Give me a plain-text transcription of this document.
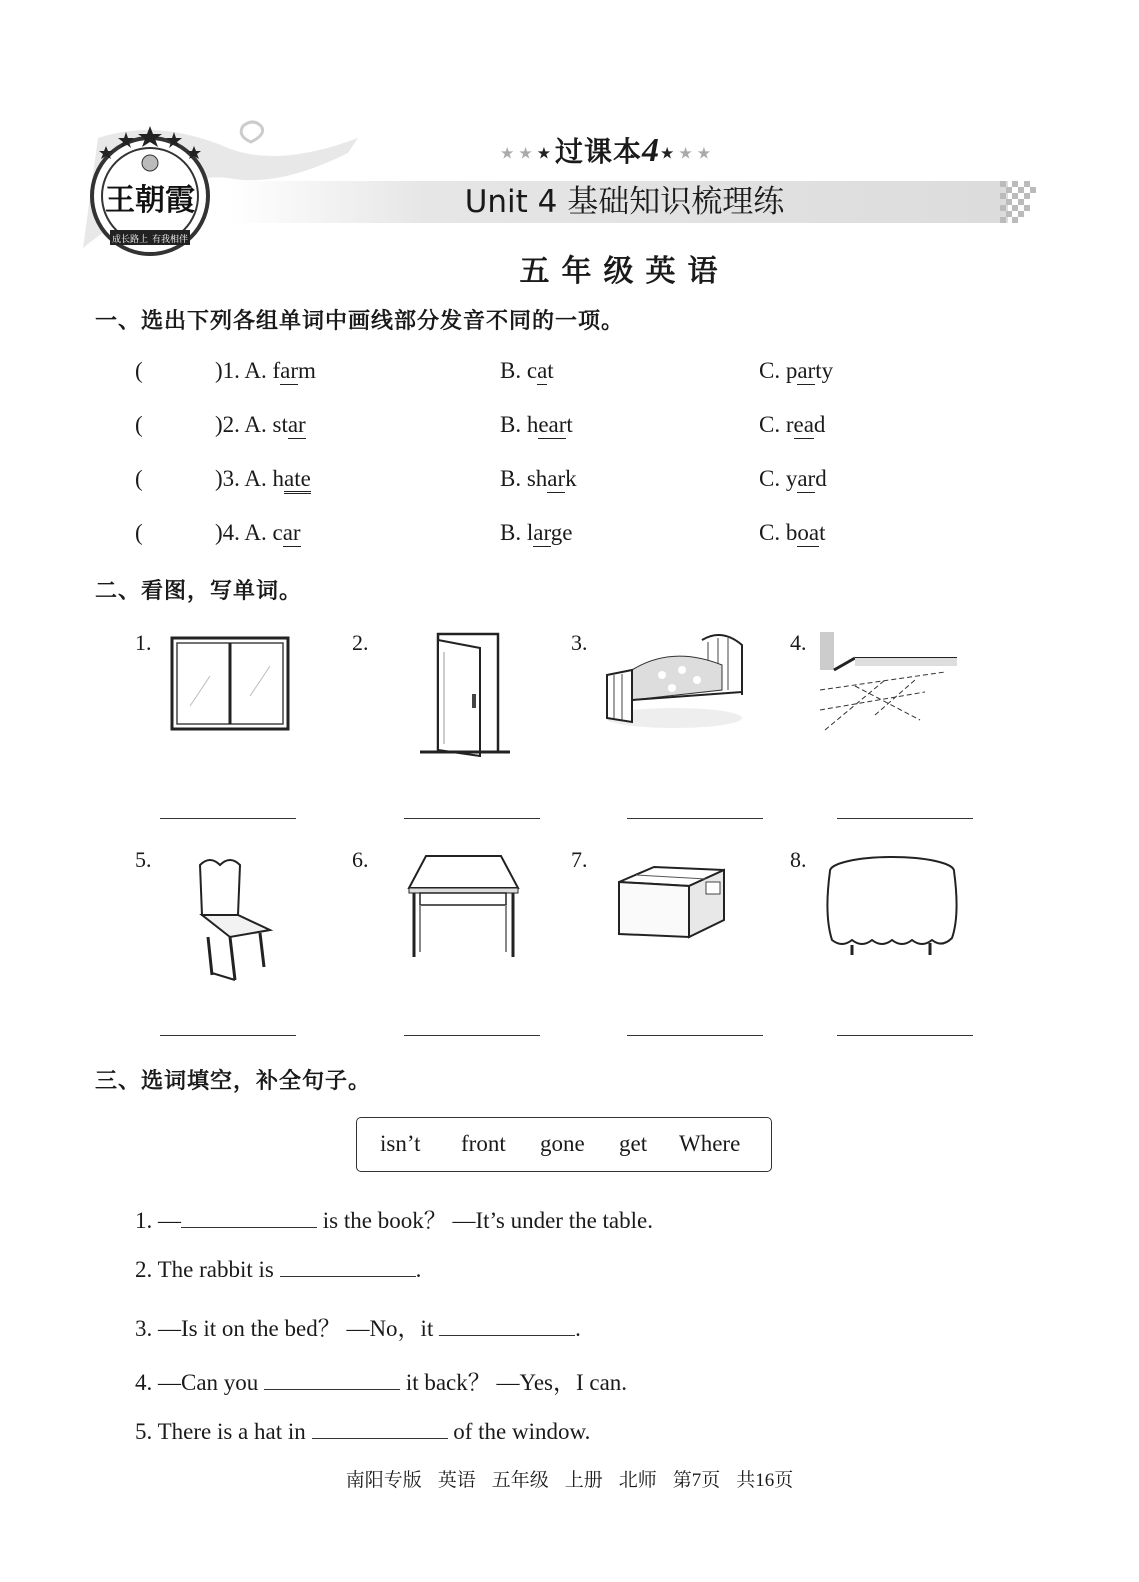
王朝霞
成长路上 有我相伴
★★★过课本4★★★
Unit 4 基础知识梳理练
五年级英语
一、选出下列各组单词中画线部分发音不同的一项。
(	)1. A. farm	B. cat	C. party
(	)2. A. star	B. heart	C. read
(	)3. A. hate	B. shark	C. yard
(	)4. A. car	B. large	C. boat
二、看图，写单词。
1.	2.	3.	4.
5.	6.	7.	8.
三、选词填空，补全句子。
isn’t front gone get Where
1. —	is the book？ —It’s under the table.
2. The rabbit is	.
3. —Is it on the bed？ —No，it	.
4. —Can you	it back？ —Yes，I can.
5. There is a hat in	of the window.
南阳专版 英语 五年级 上册 北师 第7页 共16页
